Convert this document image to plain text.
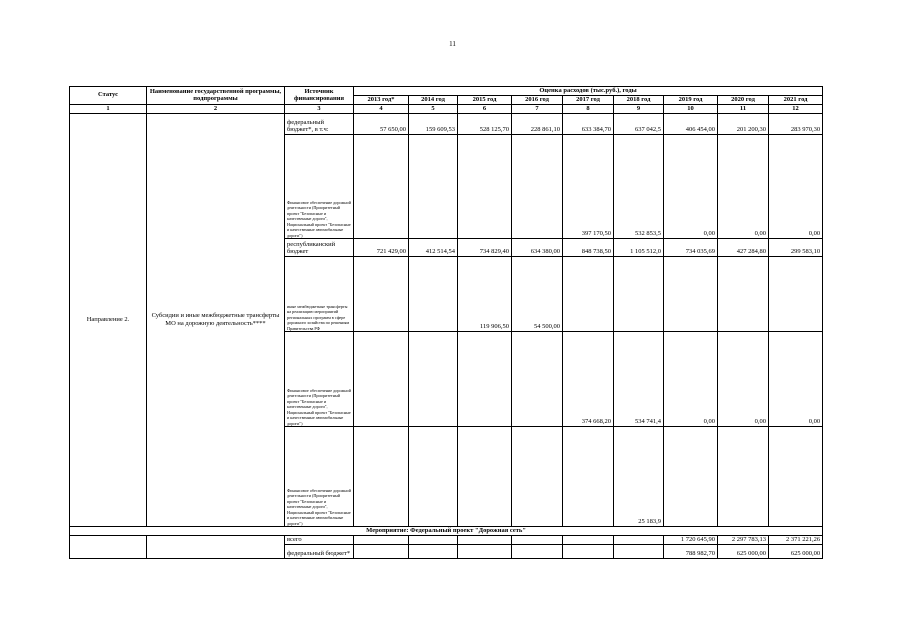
11
Статус	Наименование государственной программы, подпрограммы	Источник финансирования	Оценка расходов (тыс.руб.), годы								
			2013 год*	2014 год	2015 год	2016 год	2017 год	2018 год	2019 год	2020 год	2021 год
1	2	3	4	5	6	7	8	9	10	11	12
Направление 2.	Субсидии и иные межбюджетные трансферты МО на дорожную деятельность****	федеральный бюджет*, в т.ч:	57 650,00	159 609,53	528 125,70	228 861,10	633 384,70	637 042,5	406 454,00	201 200,30	283 970,30
		Финансовое обеспечение дорожной деятельности (Приоритетный проект "Безопасные и качественные дороги", Национальный проект "Безопасные и качественные автомобильные дороги")					397 170,50	532 853,5	0,00	0,00	0,00
		республиканский бюджет	721 429,00	412 514,54	734 829,40	634 380,00	848 738,50	1 105 512,0	734 035,69	427 284,80	299 583,10
		иные межбюджетные трансферты на реализацию мероприятий региональных программ в сфере дорожного хозяйства по решениям Правительства РФ			119 906,50	54 500,00					
		Финансовое обеспечение дорожной деятельности (Приоритетный проект "Безопасные и качественные дороги", Национальный проект "Безопасные и качественные автомобильные дороги")					374 668,20	534 741,4	0,00	0,00	0,00
		Финансовое обеспечение дорожной деятельности (Приоритетный проект "Безопасные и качественные дороги", Национальный проект "Безопасные и качественные автомобильные дороги")						25 183,9			
Мероприятие: Федеральный проект "Дорожная сеть"											
		всего							1 720 645,90	2 297 783,13	2 371 221,26
		федеральный бюджет*							788 982,70	625 000,00	625 000,00
